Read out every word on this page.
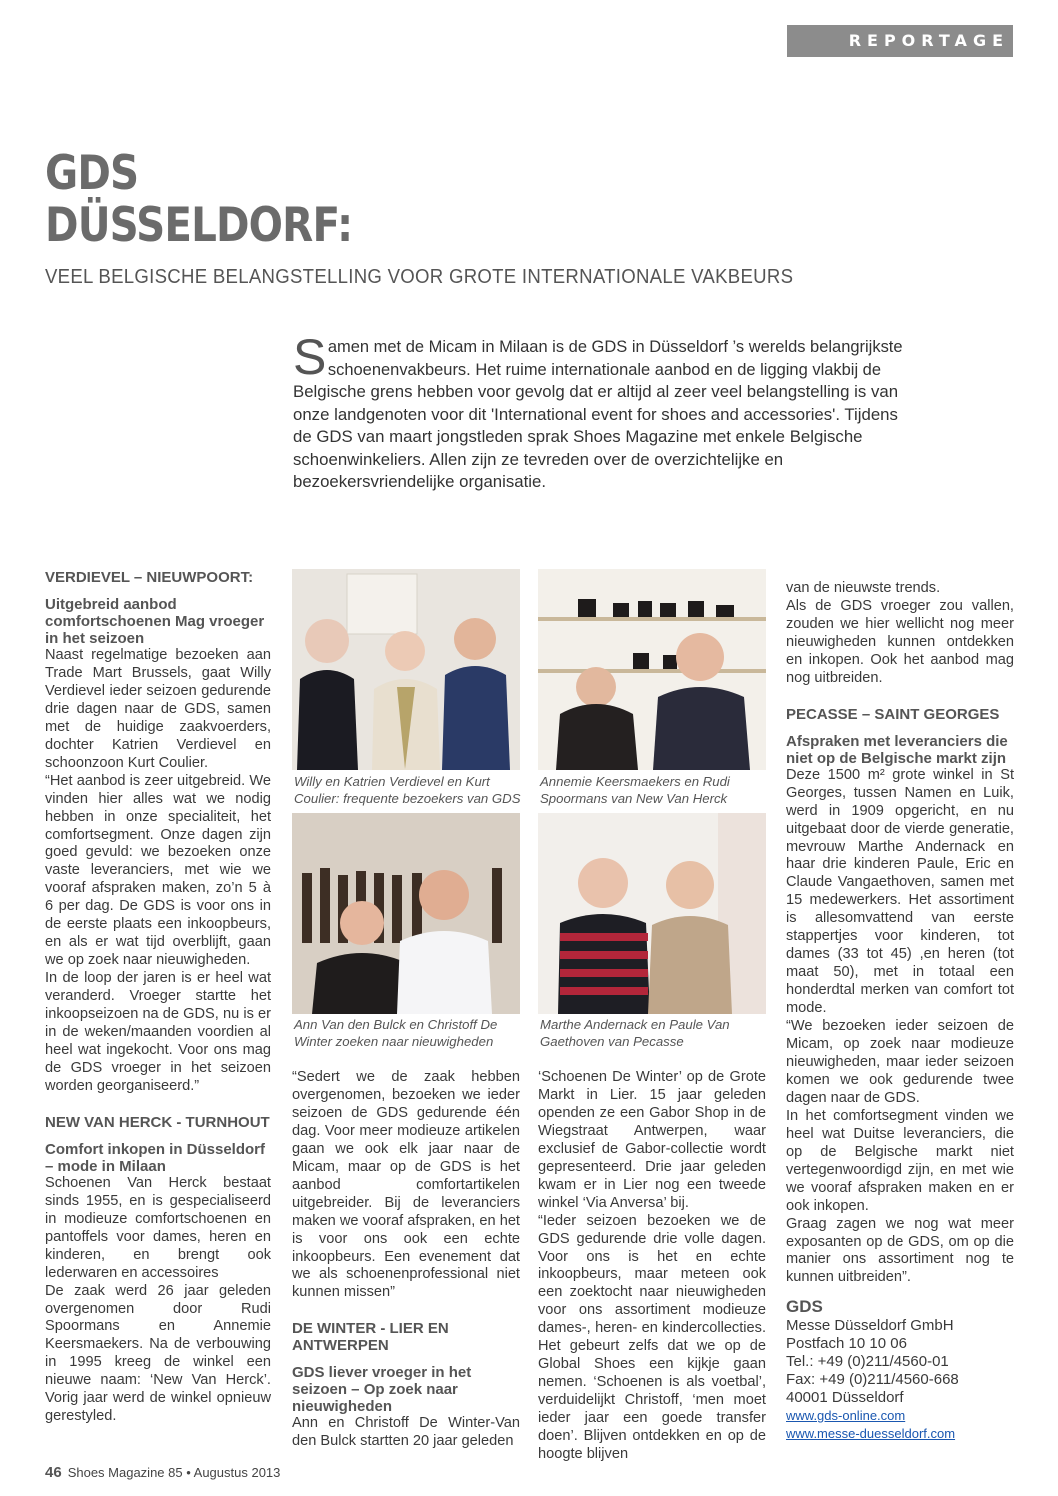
REPORTAGE
GDS
DÜSSELDORF:
VEEL BELGISCHE BELANGSTELLING VOOR GROTE INTERNATIONALE VAKBEURS
S amen met de Micam in Milaan is de GDS in Düsseldorf ’s werelds belangrijkste
schoenenvakbeurs. Het ruime internationale aanbod en de ligging vlakbij de
Belgische grens hebben voor gevolg dat er altijd al zeer veel belangstelling is van
onze landgenoten voor dit 'International event for shoes and accessories'. Tijdens
de GDS van maart jongstleden sprak Shoes Magazine met enkele Belgische
schoenwinkeliers. Allen zijn ze tevreden over de overzichtelijke en
bezoekersvriendelijke organisatie.

VERDIEVEL – NIEUWPOORT:

Uitgebreid aanbod comfortschoenen Mag vroeger in het seizoen

Naast regelmatige bezoeken aan Trade Mart Brussels, gaat Willy Verdievel ieder seizoen gedurende drie dagen naar de GDS, samen met de huidige zaakvoerders, dochter Katrien Verdievel en schoonzoon Kurt Coulier.

“Het aanbod is zeer uitgebreid. We vinden hier alles wat we nodig hebben in onze specialiteit, het comfortsegment. Onze dagen zijn goed gevuld: we bezoeken onze vaste leveranciers, met wie we vooraf afspraken maken, zo’n 5 à 6 per dag. De GDS is voor ons in de eerste plaats een inkoopbeurs, en als er wat tijd overblijft, gaan we op zoek naar nieuwigheden.

In de loop der jaren is er heel wat veranderd. Vroeger startte het inkoopseizoen na de GDS, nu is er in de weken/maanden voordien al heel wat ingekocht. Voor ons mag de GDS vroeger in het seizoen worden georganiseerd.”

NEW VAN HERCK - TURNHOUT

Comfort inkopen in Düsseldorf – mode in Milaan

Schoenen Van Herck bestaat sinds 1955, en is gespecialiseerd in modieuze comfortschoenen en pantoffels voor dames, heren en kinderen, en brengt ook lederwaren en accessoires

De zaak werd 26 jaar geleden overgenomen door Rudi Spoormans en Annemie Keersmaekers. Na de verbouwing in 1995 kreeg de winkel een nieuwe naam: ‘New Van Herck’. Vorig jaar werd de winkel opnieuw gerestyled.

Willy en Katrien Verdievel en Kurt Coulier: frequente bezoekers van GDS
Annemie Keersmaekers en Rudi Spoormans van New Van Herck
Ann Van den Bulck en Christoff De Winter zoeken naar nieuwigheden
Marthe Andernack en Paule Van Gaethoven van Pecasse

“Sedert we de zaak hebben overgenomen, bezoeken we ieder seizoen de GDS gedurende één dag. Voor meer modieuze artikelen gaan we ook elk jaar naar de Micam, maar op de GDS is het aanbod comfortartikelen uitgebreider. Bij de leveranciers maken we vooraf afspraken, en het is voor ons ook een echte inkoopbeurs. Een evenement dat we als schoenenprofessional niet kunnen missen”

DE WINTER - LIER EN ANTWERPEN

GDS liever vroeger in het seizoen – Op zoek naar nieuwigheden

Ann en Christoff De Winter-Van den Bulck startten 20 jaar geleden

‘Schoenen De Winter’ op de Grote Markt in Lier. 15 jaar geleden openden ze een Gabor Shop in de Wiegstraat Antwerpen, waar exclusief de Gabor-collectie wordt gepresenteerd. Drie jaar geleden kwam er in Lier nog een tweede winkel ‘Via Anversa’ bij.

“Ieder seizoen bezoeken we de GDS gedurende drie volle dagen. Voor ons is het en echte inkoopbeurs, maar meteen ook een zoektocht naar nieuwigheden voor ons assortiment modieuze dames-, heren- en kindercollecties. Het gebeurt zelfs dat we op de Global Shoes een kijkje gaan nemen. ‘Schoenen is als voetbal’, verduidelijkt Christoff, ‘men moet ieder jaar een goede transfer doen’. Blijven ontdekken en op de hoogte blijven

van de nieuwste trends.

Als de GDS vroeger zou vallen, zouden we hier wellicht nog meer nieuwigheden kunnen ontdekken en inkopen. Ook het aanbod mag nog uitbreiden.

PECASSE – SAINT GEORGES

Afspraken met leveranciers die niet op de Belgische markt zijn

Deze 1500 m² grote winkel in St Georges, tussen Namen en Luik, werd in 1909 opgericht, en nu uitgebaat door de vierde generatie, mevrouw Marthe Andernack en haar drie kinderen Paule, Eric en Claude Vangaethoven, samen met 15 medewerkers. Het assortiment is allesomvattend van eerste stappertjes voor kinderen, tot dames (33 tot 45) ,en heren (tot maat 50), met in totaal een honderdtal merken van comfort tot mode.

“We bezoeken ieder seizoen de Micam, op zoek naar modieuze nieuwigheden, maar ieder seizoen komen we ook gedurende twee dagen naar de GDS.

In het comfortsegment vinden we heel wat Duitse leveranciers, die op de Belgische markt niet vertegenwoordigd zijn, en met wie we vooraf afspraken maken en er ook inkopen.

Graag zagen we nog wat meer exposanten op de GDS, om op die manier ons assortiment nog te kunnen uitbreiden”.

GDS

Messe Düsseldorf GmbH

Postfach 10 10 06

Tel.: +49 (0)211/4560-01

Fax: +49 (0)211/4560-668

40001 Düsseldorf

www.gds-online.com

www.messe-duesseldorf.com

46 Shoes Magazine 85 • Augustus 2013
